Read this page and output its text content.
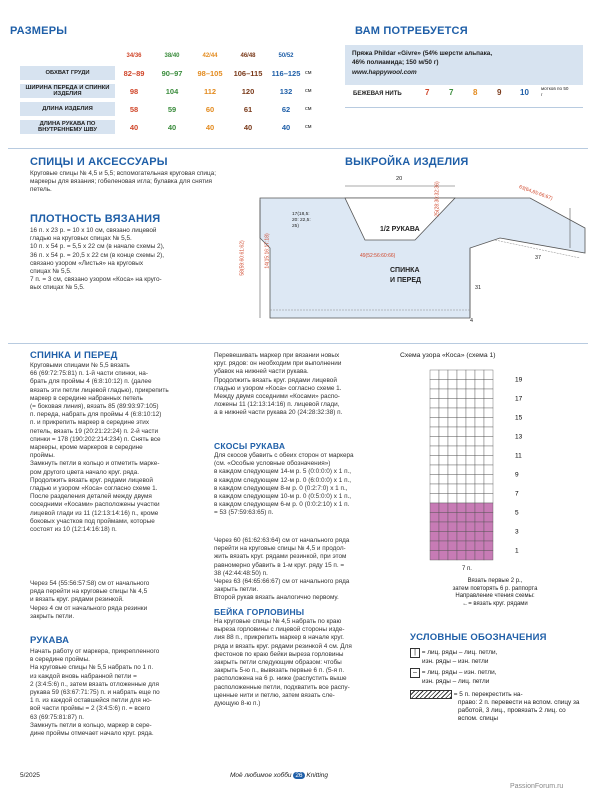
РАЗМЕРЫ
	34/36	38/40	42/44	46/48	50/52	
ОБХВАТ ГРУДИ	82–89	90–97	98–105	106–115	116–125 см
ШИРИНА ПЕРЕДА И СПИНКИ ИЗДЕЛИЯ	98	104	112	120	132	см
ДЛИНА ИЗДЕЛИЯ	58	59	60	61	62	см
ДЛИНА РУКАВА ПО ВНУТРЕННЕМУ ШВУ	40	40	40	40	40	см
ВАМ ПОТРЕБУЕТСЯ
Пряжа Phildar «Givre» (54% шерсти альпака,
46% полиамида; 150 м/50 г)
www.happywool.com
БЕЖЕВАЯ НИТЬ	7 7 8 9 10	мотков по 50 г
СПИЦЫ И АКСЕССУАРЫ
Круговые спицы № 4,5 и 5,5; вспомогательная круговая спица; маркеры для вязания; гобеленовая игла; булавка для снятия петель.
ПЛОТНОСТЬ ВЯЗАНИЯ
16 п. х 23 р. = 10 х 10 см, связано лицевой
гладью на круговых спицах № 5,5.
10 п. х 54 р. = 5,5 х 22 см (в начале схемы 2),
36 п. х 54 р. = 20,5 х 22 см (в конце схемы 2),
связано узором «Листья» на круговых
спицах № 5,5.
7 п. = 3 см, связано узором «Коса» на круго-
вых спицах № 5,5.
ВЫКРОЙКА ИЗДЕЛИЯ
1/2 РУКАВА
СПИНКА
И ПЕРЕД
20
17(18,5: 20: 22,5: 25)
63(64,65:66:67)
25(28:30:32:36)
14(15:16:17:18)
58(59:60:61:62)	49(52:56:60:66)	37
31
4
СПИНКА И ПЕРЕД
Круговыми спицами № 5,5 вязать
66 (69:72:75:81) п. 1-й части спинки, на-
брать для проймы 4 (6:8:10:12) п. (далее
вязать эти петли лицевой гладью), прикрепить
маркер в середине набранных петель
(= боковая линия), вязать 85 (89:93:97:105)
п. переда, набрать для проймы 4 (6:8:10:12)
п. и прикрепить маркер в середине этих
петель, вязать 19 (20:21:22:24) п. 2-й части
спинки = 178 (190:202:214:234) п. Снять все
маркеры, кроме маркеров в середине
проймы.
Замкнуть петли в кольцо и отметить марке-
ром другого цвета начало круг. ряда.
Продолжить вязать круг. рядами лицевой
гладью и узором «Коса» согласно схеме 1.
После разделения деталей между двумя
соседними «Косами» расположены участки
лицевой глади из 11 (12:13:14:16) п., кроме
боковых участков под проймами, которые
состоят из 10 (12:14:16:18) п.
Через 54 (55:56:57:58) см от начального
ряда перейти на круговые спицы № 4,5
и вязать круг. рядами резинкой.
Через 4 см от начального ряда резинки
закрыть петли.
РУКАВА
Начать работу от маркера, прикрепленного
в середине проймы.
На круговые спицы № 5,5 набрать по 1 п.
из каждой вновь набранной петли =
2 (3:4:5:6) п., затем вязать отложенные для
рукава 59 (63:67:71:75) п. и набрать еще по
1 п. из каждой оставшейся петли для но-
вой части проймы = 2 (3:4:5:6) п. = всего
63 (69:75:81:87) п.
Замкнуть петли в кольцо, маркер в сере-
дине проймы отмечает начало круг. ряда.
Перевешивать маркер при вязании новых
круг. рядов: он необходим при выполнении
убавок на нижней части рукава.
Продолжить вязать круг. рядами лицевой
гладью и узором «Коса» согласно схеме 1.
Между двумя соседними «Косами» распо-
ложены 11 (12:13:14:16) п. лицевой глади,
а в нижней части рукава 20 (24:28:32:38) п.
СКОСЫ РУКАВА
Для скосов убавить с обеих сторон от маркера
(см. «Особые условные обозначения»)
в каждом следующем 14-м р. 5 (0:0:0:0) х 1 п.,
в каждом следующем 12-м р. 0 (6:0:0:0) х 1 п.,
в каждом следующем 8-м р. 0 (0:2:7:0) х 1 п.,
в каждом следующем 10-м р. 0 (0:5:0:0) х 1 п.,
в каждом следующем 6-м р. 0 (0:0:2:10) х 1 п.
= 53 (57:59:63:65) п.
Через 60 (61:62:63:64) см от начального ряда
перейти на круговые спицы № 4,5 и продол-
жить вязать круг. рядами резинкой, при этом
равномерно убавить в 1-м круг. ряду 15 п. =
38 (42:44:48:50) п.
Через 63 (64:65:66:67) см от начального ряда
закрыть петли.
Второй рукав вязать аналогично первому.
БЕЙКА ГОРЛОВИНЫ
На круговые спицы № 4,5 набрать по краю
выреза горловины с лицевой стороны изде-
лия 88 п., прикрепить маркер в начале круг.
ряда и вязать круг. рядами резинкой 4 см. Для
фестонов по краю бейки выреза горловины
закрыть петли следующим образом: чтобы
закрыть 5-ю п., вывязать первые 6 п. (5-я п.
расположена на 6 р. ниже (распустить выше
расположенные петли, подхватить все распу-
щенные нити и петлю, затем вязать сле-
дующую 8-ю п.)
Схема узора «Коса» (схема 1)
19
17
15
13
11
9
7
5
3
1
7 п.
Вязать первые 2 р.,
затем повторять 6 р. раппорта
Направление чтения схемы:
←= вязать круг. рядами
УСЛОВНЫЕ ОБОЗНАЧЕНИЯ
| = лиц. ряды – лиц. петли,
изн. ряды – изн. петли
– = лиц. ряды – изн. петли,
изн. ряды – лиц. петли
= 5 п. перекрестить на-
право: 2 п. перевести на вспом. спицу за работой, 3 лиц., провязать 2 лиц. со вспом. спицы
5/2025	Моё любимое хобби 26 Knitting
PassionForum.ru
